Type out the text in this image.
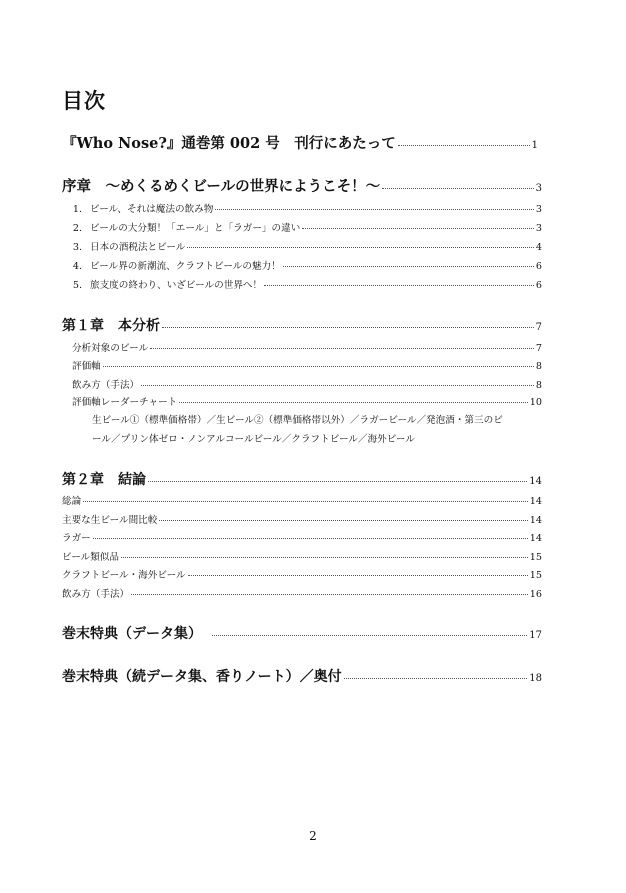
目次
『Who Nose?』通巻第 002 号　刊行にあたって	1
序章　～めくるめくビールの世界にようこそ！～	3
1. ビール、それは魔法の飲み物	3
2. ビールの大分類！「エール」と「ラガー」の違い	3
3. 日本の酒税法とビール	4
4. ビール界の新潮流、クラフトビールの魅力！	6
5. 旅支度の終わり、いざビールの世界へ！	6
第１章　本分析	7
分析対象のビール	7
評価軸	8
飲み方（手法）	8
評価軸レーダーチャート	10
生ビール①（標準価格帯）／生ビール②（標準価格帯以外）／ラガービール／発泡酒・第三のビ
ール／プリン体ゼロ・ノンアルコールビール／クラフトビール／海外ビール
第２章　結論	14
総論	14
主要な生ビール間比較	14
ラガー	14
ビール類似品	15
クラフトビール・海外ビール	15
飲み方（手法）	16
巻末特典（データ集）	17
巻末特典（続データ集、香りノート）／奥付	18
2
